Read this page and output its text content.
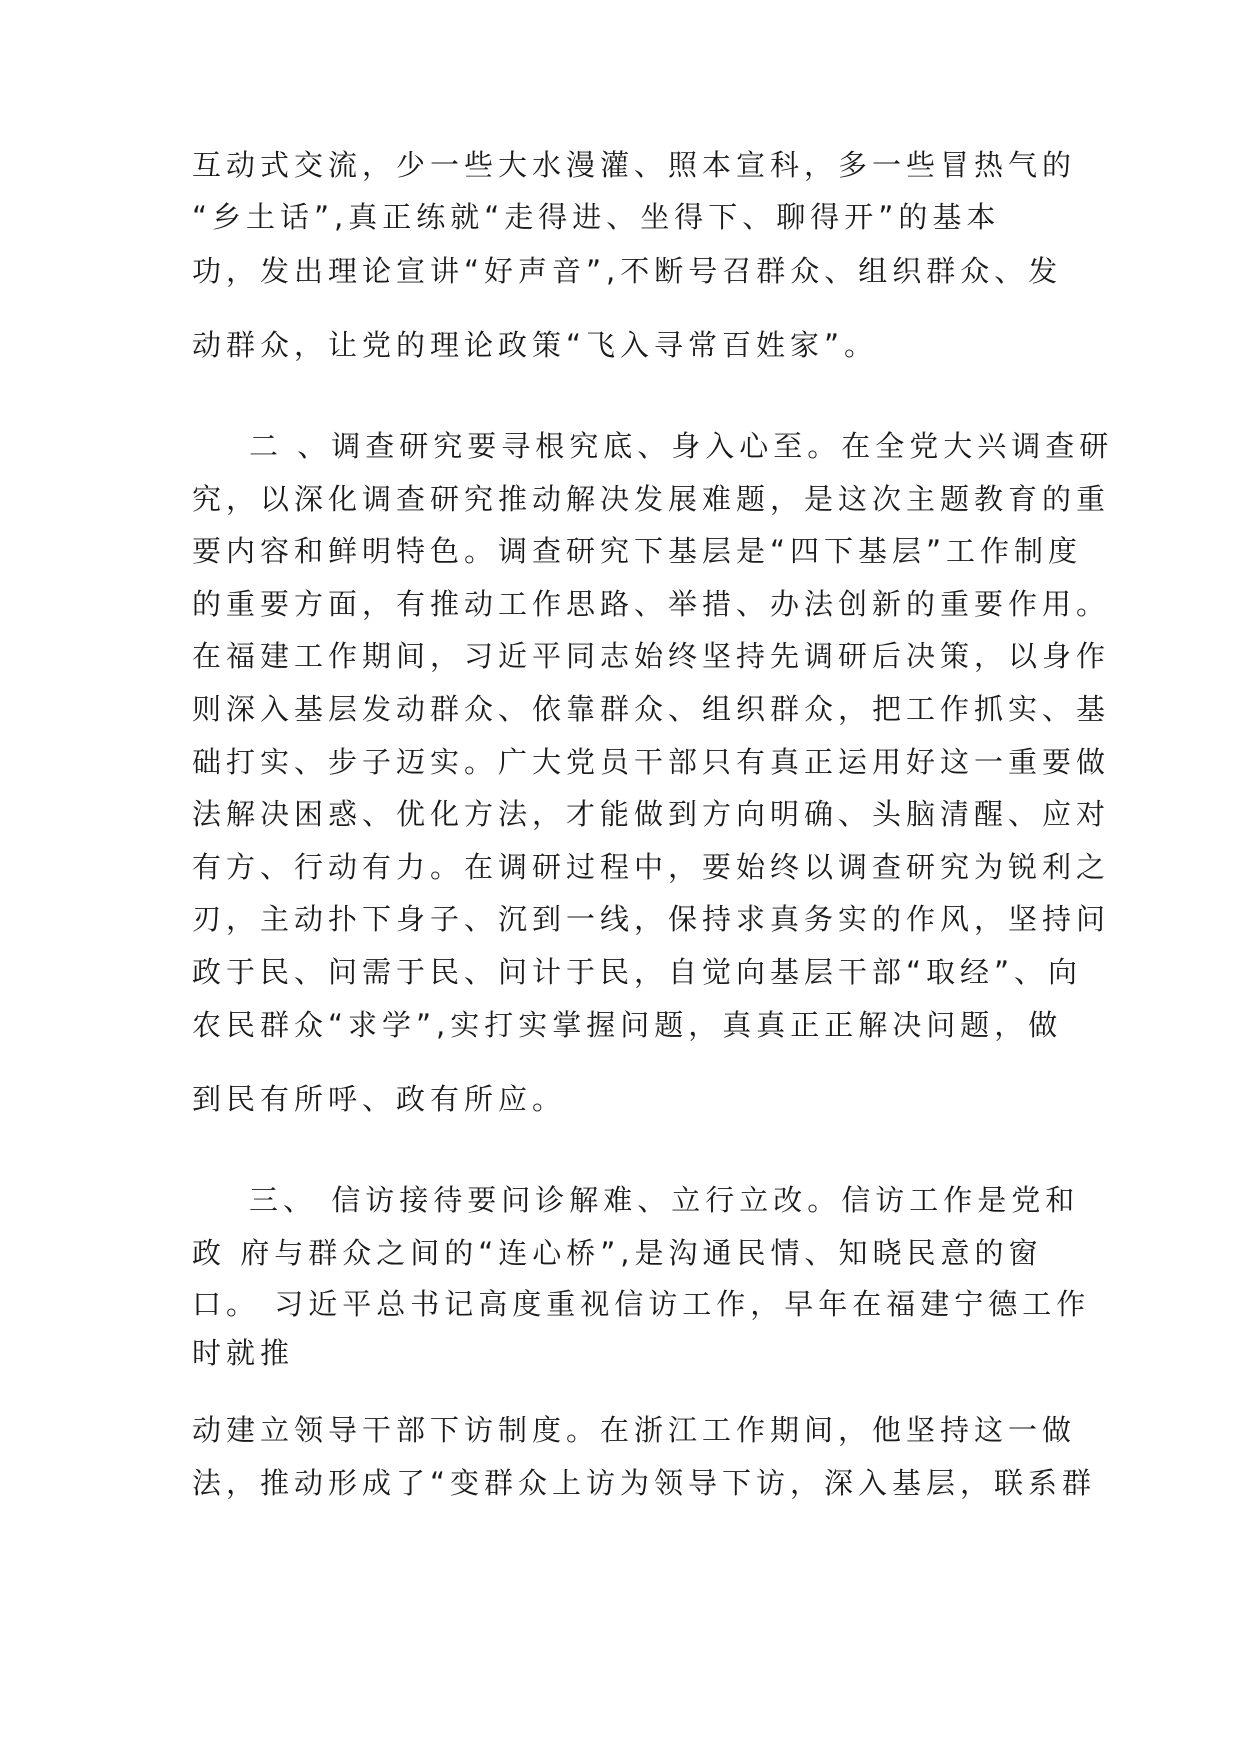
互动式交流，少一些大水漫灌、照本宣科，多一些冒热气的
“乡土话”,真正练就“走得进、坐得下、聊得开”的基本
功，发出理论宣讲“好声音”,不断号召群众、组织群众、发
动群众，让党的理论政策“飞入寻常百姓家”。
二 、调查研究要寻根究底、身入心至。在全党大兴调查研
究，以深化调查研究推动解决发展难题，是这次主题教育的重
要内容和鲜明特色。调查研究下基层是“四下基层”工作制度
的重要方面，有推动工作思路、举措、办法创新的重要作用。
在福建工作期间，习近平同志始终坚持先调研后决策，以身作
则深入基层发动群众、依靠群众、组织群众，把工作抓实、基
础打实、步子迈实。广大党员干部只有真正运用好这一重要做
法解决困惑、优化方法，才能做到方向明确、头脑清醒、应对
有方、行动有力。在调研过程中，要始终以调查研究为锐利之
刃，主动扑下身子、沉到一线，保持求真务实的作风，坚持问
政于民、问需于民、问计于民，自觉向基层干部“取经”、向
农民群众“求学”,实打实掌握问题，真真正正解决问题，做
到民有所呼、政有所应。
三、 信访接待要问诊解难、立行立改。信访工作是党和
政 府与群众之间的“连心桥”,是沟通民情、知晓民意的窗
口。 习近平总书记高度重视信访工作，早年在福建宁德工作
时就推
动建立领导干部下访制度。在浙江工作期间，他坚持这一做
法，推动形成了“变群众上访为领导下访，深入基层，联系群
